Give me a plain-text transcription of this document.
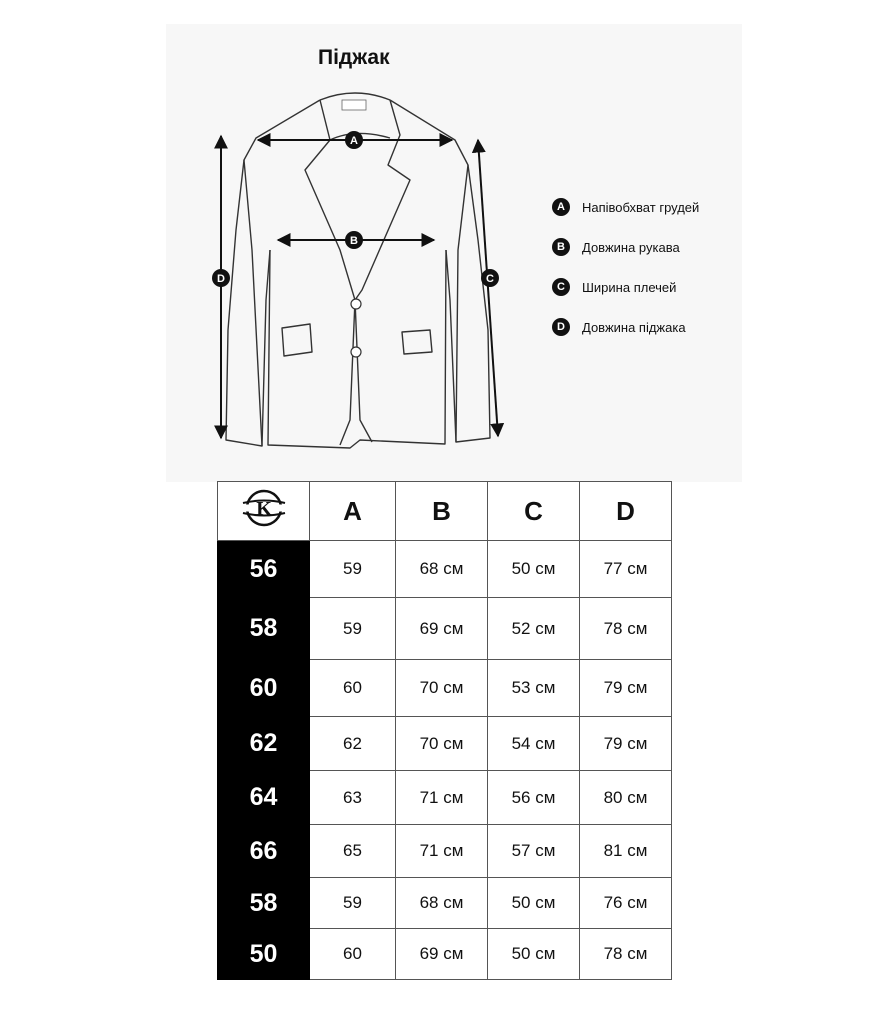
A
B
D	C
Піджак
A	Напівобхват грудей
B	Довжина рукава
C	Ширина плечей
D	Довжина піджака
K	A	B	C	D
56	59	68 см	50 см	77 см
58	59	69 см	52 см	78 см
60	60	70 см	53 см	79 см
62	62	70 см	54 см	79 см
64	63	71 см	56 см	80 см
66	65	71 см	57 см	81 см
58	59	68 см	50 см	76 см
50	60	69 см	50 см	78 см
